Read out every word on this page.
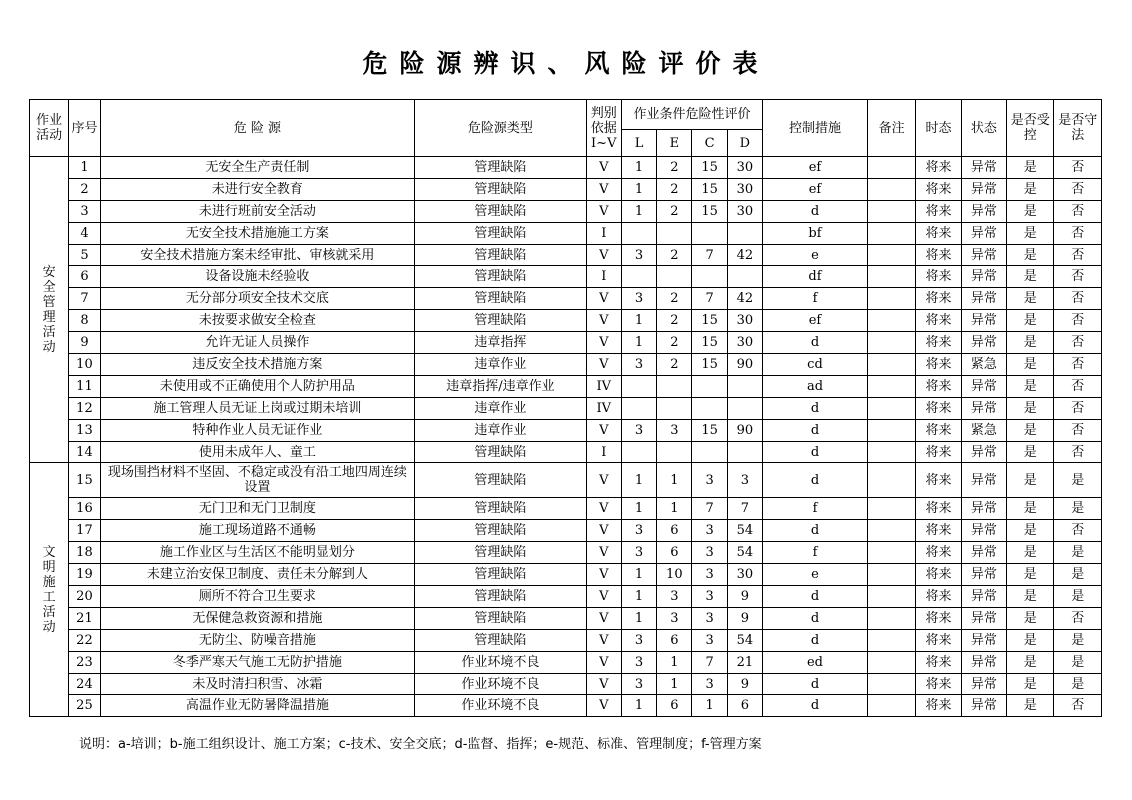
危险源辨识、风险评价表
作业活动	序号	危 险 源	危险源类型	判别依据I~V	作业条件危险性评价				控制措施	备注	时态	状态	是否受控	是否守法
					L	E	C	D						

安全管理活动	1	无安全生产责任制	管理缺陷	V	1	2	15	30	ef		将来	异常	是	否
	2	未进行安全教育	管理缺陷	V	1	2	15	30	ef		将来	异常	是	否
	3	未进行班前安全活动	管理缺陷	V	1	2	15	30	d		将来	异常	是	否
	4	无安全技术措施施工方案	管理缺陷	I					bf		将来	异常	是	否
	5	安全技术措施方案未经审批、审核就采用	管理缺陷	V	3	2	7	42	e		将来	异常	是	否
	6	设备设施未经验收	管理缺陷	I					df		将来	异常	是	否
	7	无分部分项安全技术交底	管理缺陷	V	3	2	7	42	f		将来	异常	是	否
	8	未按要求做安全检查	管理缺陷	V	1	2	15	30	ef		将来	异常	是	否
	9	允许无证人员操作	违章指挥	V	1	2	15	30	d		将来	异常	是	否
	10	违反安全技术措施方案	违章作业	V	3	2	15	90	cd		将来	紧急	是	否
	11	未使用或不正确使用个人防护用品	违章指挥/违章作业	IV					ad		将来	异常	是	否
	12	施工管理人员无证上岗或过期未培训	违章作业	IV					d		将来	异常	是	否
	13	特种作业人员无证作业	违章作业	V	3	3	15	90	d		将来	紧急	是	否
	14	使用未成年人、童工	管理缺陷	I					d		将来	异常	是	否

文明施工活动	15	现场围挡材料不坚固、不稳定或没有沿工地四周连续设置	管理缺陷	V	1	1	3	3	d		将来	异常	是	是
	16	无门卫和无门卫制度	管理缺陷	V	1	1	7	7	f		将来	异常	是	是
	17	施工现场道路不通畅	管理缺陷	V	3	6	3	54	d		将来	异常	是	否
	18	施工作业区与生活区不能明显划分	管理缺陷	V	3	6	3	54	f		将来	异常	是	是
	19	未建立治安保卫制度、责任未分解到人	管理缺陷	V	1	10	3	30	e		将来	异常	是	是
	20	厕所不符合卫生要求	管理缺陷	V	1	3	3	9	d		将来	异常	是	是
	21	无保健急救资源和措施	管理缺陷	V	1	3	3	9	d		将来	异常	是	否
	22	无防尘、防噪音措施	管理缺陷	V	3	6	3	54	d		将来	异常	是	是
	23	冬季严寒天气施工无防护措施	作业环境不良	V	3	1	7	21	ed		将来	异常	是	是
	24	未及时清扫积雪、冰霜	作业环境不良	V	3	1	3	9	d		将来	异常	是	是
	25	高温作业无防暑降温措施	作业环境不良	V	1	6	1	6	d		将来	异常	是	否
说明：a-培训；b-施工组织设计、施工方案；c-技术、安全交底；d-监督、指挥；e-规范、标准、管理制度；f-管理方案
